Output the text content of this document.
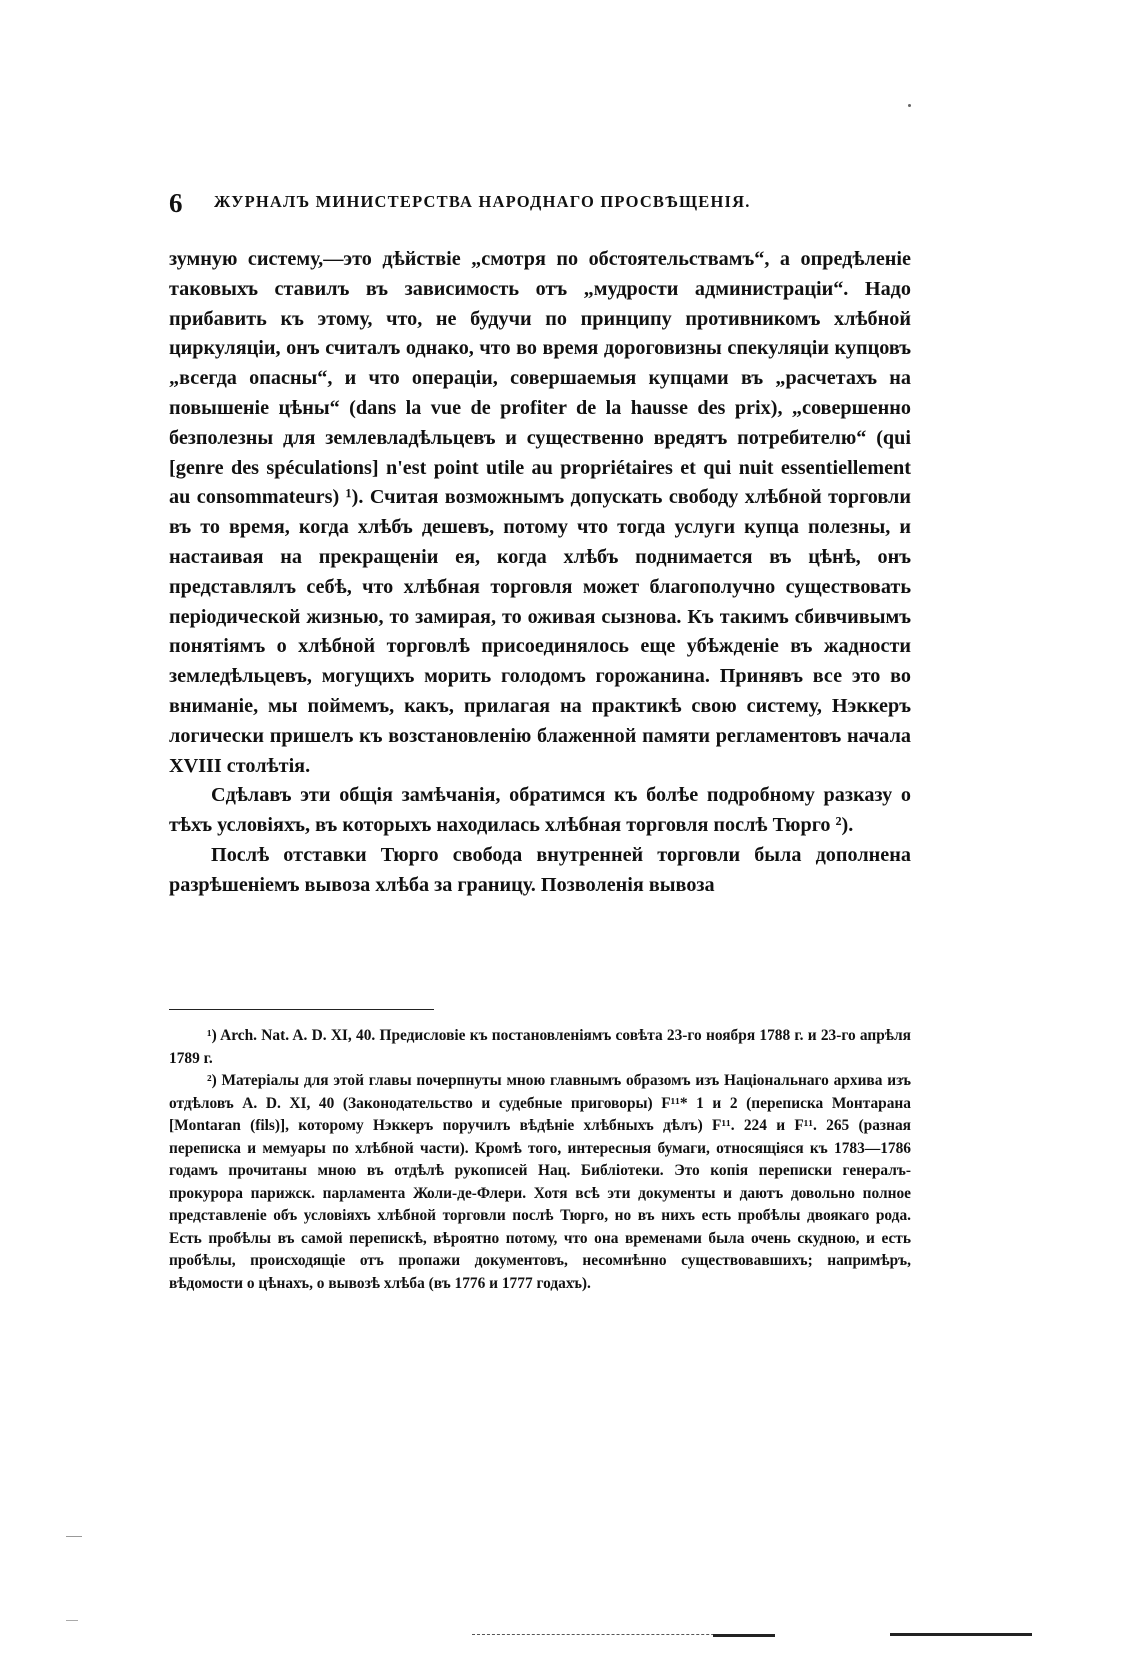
6 ЖУРНАЛЪ МИНИСТЕРСТВА НАРОДНАГО ПРОСВѢЩЕНІЯ.

зумную систему,—это дѣйствіе „смотря по обстоятельствамъ“, а опредѣленіе таковыхъ ставилъ въ зависимость отъ „мудрости администраціи“. Надо прибавить къ этому, что, не будучи по принципу противникомъ хлѣбной циркуляціи, онъ считалъ однако, что во время дороговизны спекуляціи купцовъ „всегда опасны“, и что операціи, совершаемыя купцами въ „расчетахъ на повышеніе цѣны“ (dans la vue de profiter de la hausse des prix), „совершенно безполезны для землевладѣльцевъ и существенно вредятъ потребителю“ (qui [genre des spéculations] n'est point utile au propriétaires et qui nuit essentiellement au consommateurs) ¹). Считая возможнымъ допускать свободу хлѣбной торговли въ то время, когда хлѣбъ дешевъ, потому что тогда услуги купца полезны, и настаивая на прекращеніи ея, когда хлѣбъ поднимается въ цѣнѣ, онъ представлялъ себѣ, что хлѣбная торговля может благополучно существовать періодической жизнью, то замирая, то оживая сызнова. Къ такимъ сбивчивымъ понятіямъ о хлѣбной торговлѣ присоединялось еще убѣжденіе въ жадности земледѣльцевъ, могущихъ морить голодомъ горожанина. Принявъ все это во вниманіе, мы поймемъ, какъ, прилагая на практикѣ свою систему, Нэккеръ логически пришелъ къ возстановленію блаженной памяти регламентовъ начала XVIII столѣтія.

Сдѣлавъ эти общія замѣчанія, обратимся къ болѣе подробному разказу о тѣхъ условіяхъ, въ которыхъ находилась хлѣбная торговля послѣ Тюрго ²).

Послѣ отставки Тюрго свобода внутренней торговли была дополнена разрѣшеніемъ вывоза хлѣба за границу. Позволенія вывоза

¹) Arch. Nat. A. D. XI, 40. Предисловіе къ постановленіямъ совѣта 23-го ноября 1788 г. и 23-го апрѣля 1789 г.

²) Матеріалы для этой главы почерпнуты мною главнымъ образомъ изъ Національнаго архива изъ отдѣловъ A. D. XI, 40 (Законодательство и судебные приговоры) F¹¹* 1 и 2 (переписка Монтарана [Montaran (fils)], которому Нэккеръ поручилъ вѣдѣніе хлѣбныхъ дѣлъ) F¹¹. 224 и F¹¹. 265 (разная переписка и мемуары по хлѣбной части). Кромѣ того, интересныя бумаги, относящіяся къ 1783—1786 годамъ прочитаны мною въ отдѣлѣ рукописей Нац. Библіотеки. Это копія переписки генералъ-прокурора парижск. парламента Жоли-де-Флери. Хотя всѣ эти документы и даютъ довольно полное представленіе объ условіяхъ хлѣбной торговли послѣ Тюрго, но въ нихъ есть пробѣлы двоякаго рода. Есть пробѣлы въ самой перепискѣ, вѣроятно потому, что она временами была очень скудною, и есть пробѣлы, происходящіе отъ пропажи документовъ, несомнѣнно существовавшихъ; напримѣръ, вѣдомости о цѣнахъ, о вывозѣ хлѣба (въ 1776 и 1777 годахъ).
